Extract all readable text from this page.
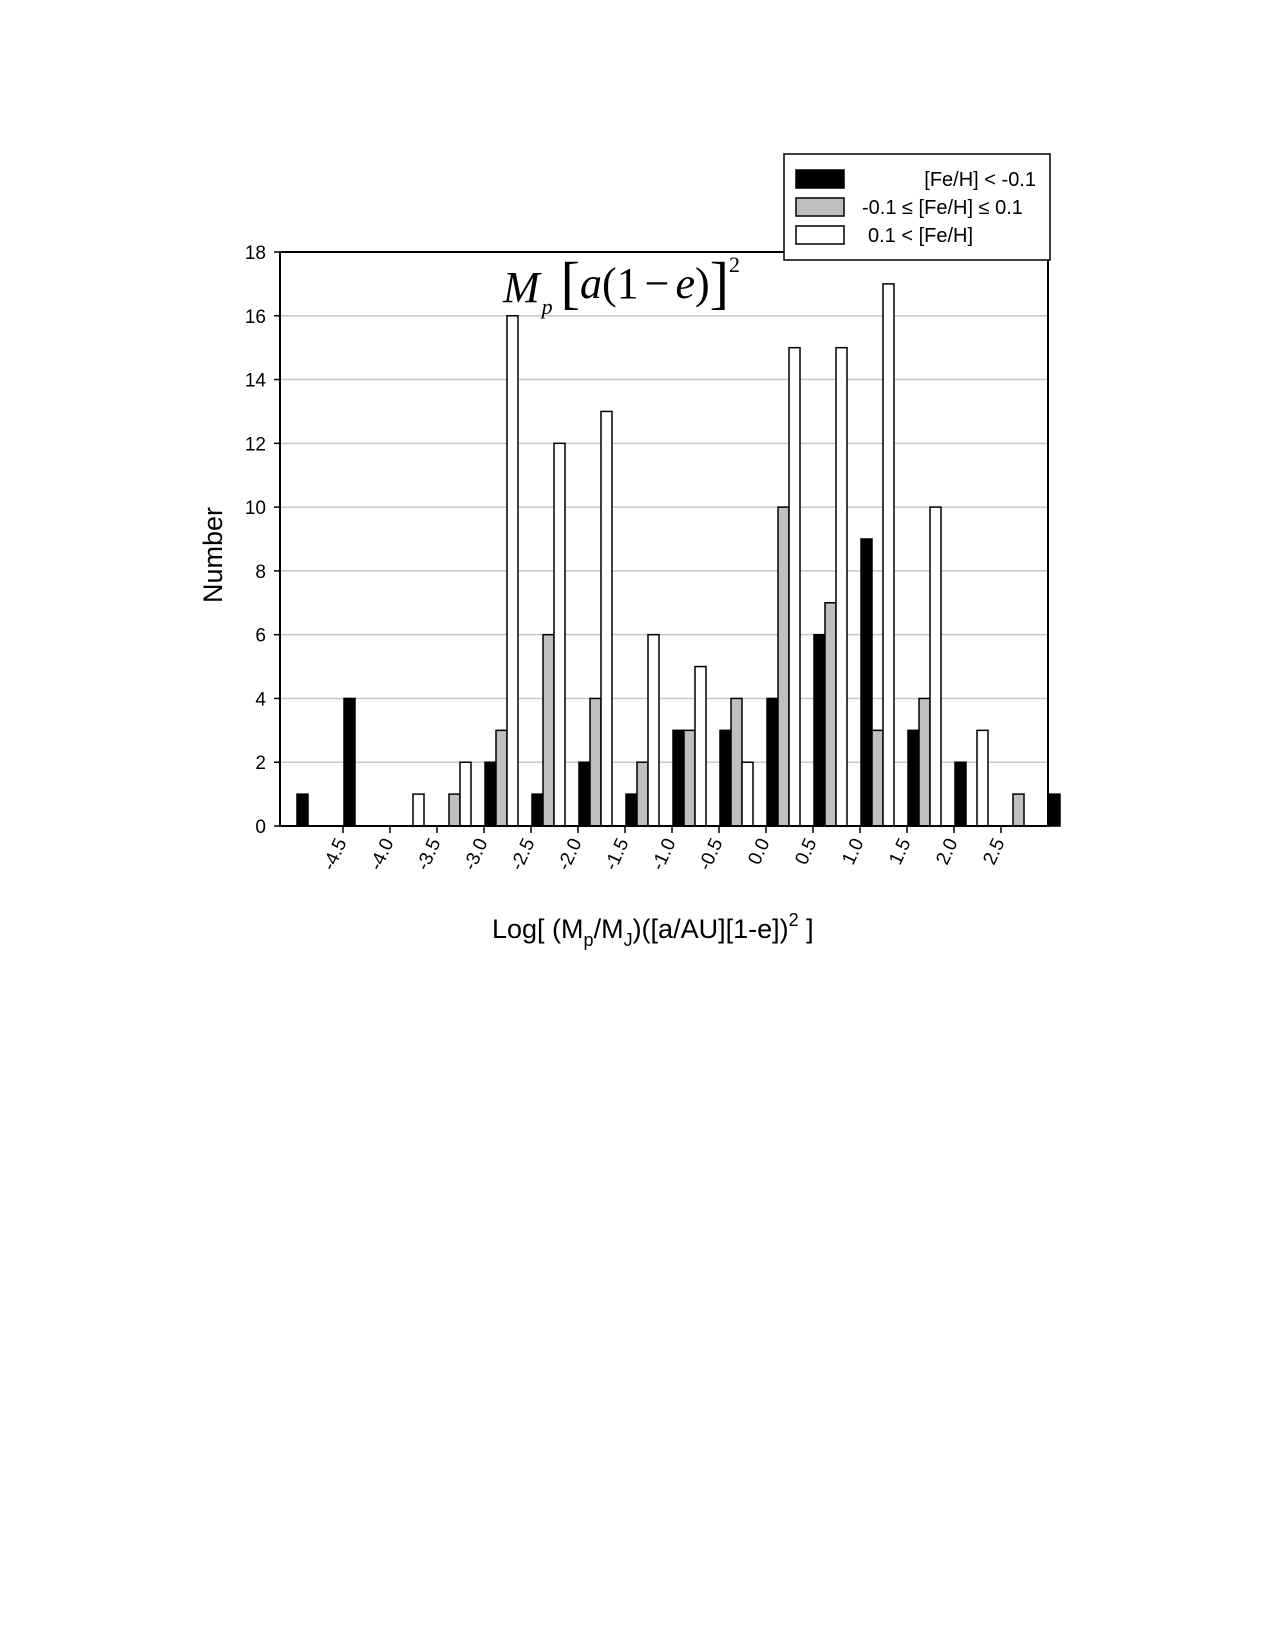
0
2
4
6
8
10
12
14
16
18
-4.5 -4.0 -3.5 -3.0 -2.5 -2.0 -1.5 -1.0 -0.5 0.0 0.5 1.0 1.5 2.0 2.5
$M_p$ $[a(1 - e)]^2$
Number
Log[ $(M_p/M_J)([a/AU][1-e])^2$ ]
[Fe/H] < -0.1
-0.1 ≤ [Fe/H] ≤ 0.1
0.1 < [Fe/H]
